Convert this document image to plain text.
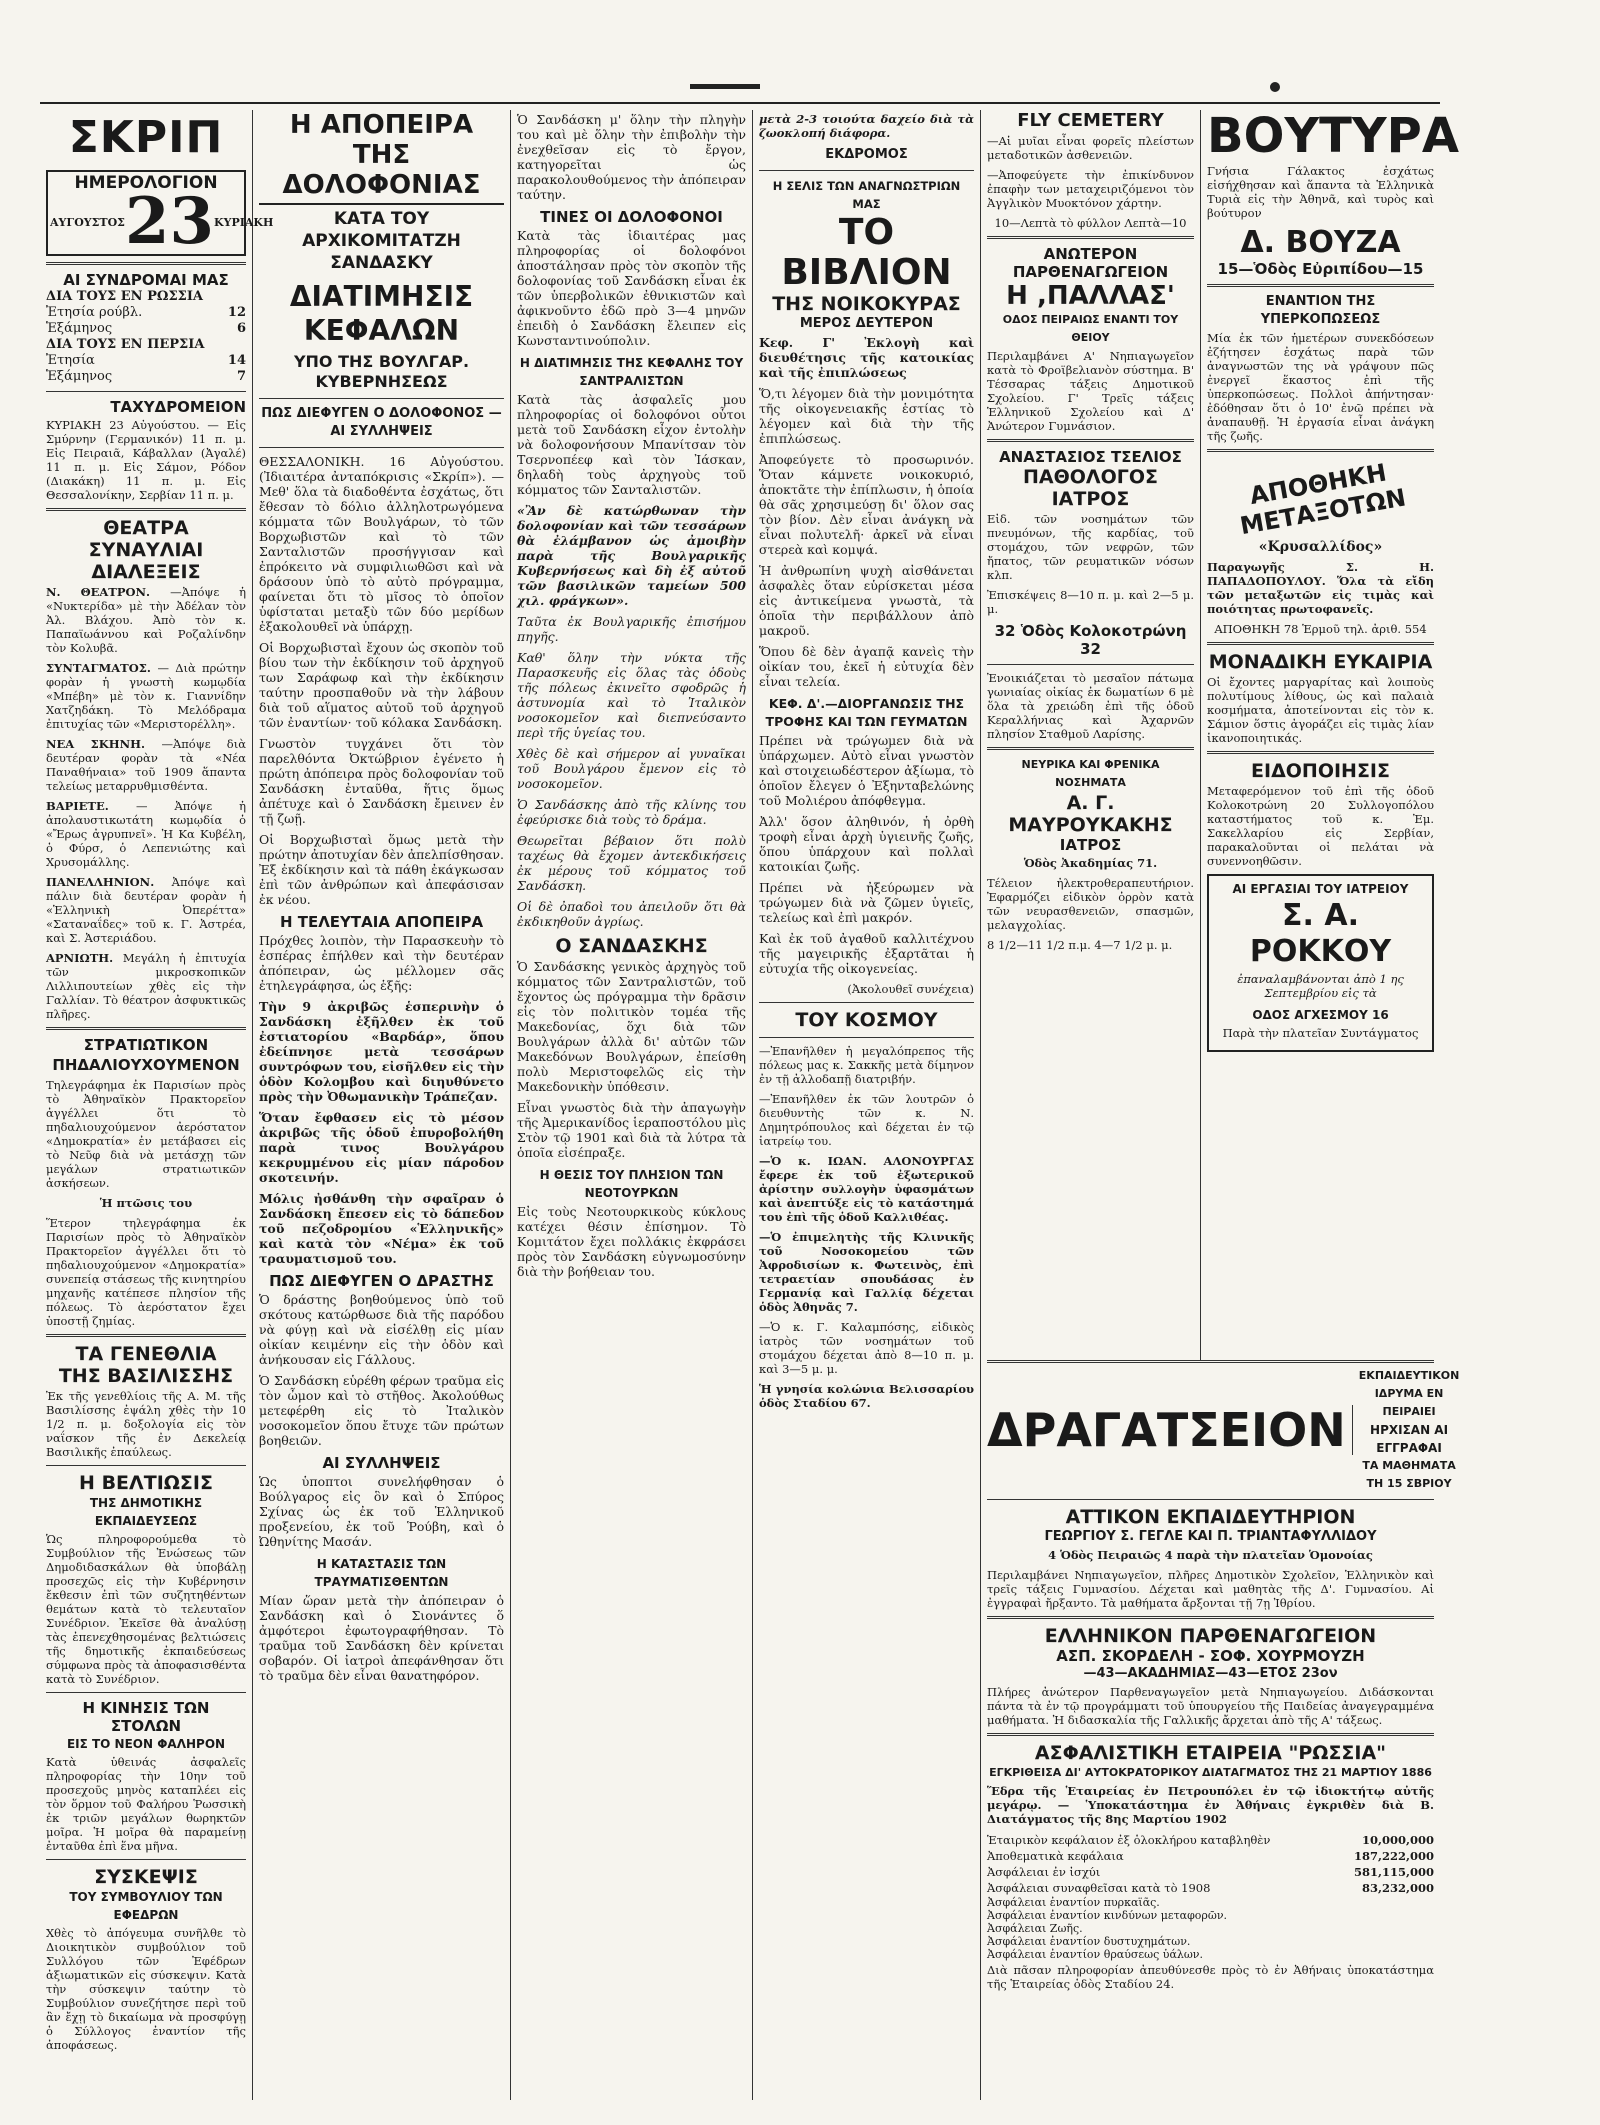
ΣΚΡΙΠ
ΗΜΕΡΟΛΟΓΙΟΝ
ΑΥΓΟΥΣΤΟΣ 23 ΚΥΡΙΑΚΗ
ΑΙ ΣΥΝΔΡΟΜΑΙ ΜΑΣ
ΔΙΑ ΤΟΥΣ ΕΝ ΡΩΣΣΙΑ
Ἐτησία ρούβλ.	12
Ἑξάμηνος	6
ΔΙΑ ΤΟΥΣ ΕΝ ΠΕΡΣΙΑ
Ἐτησία	14
Ἑξάμηνος	7
ΤΑΧΥΔΡΟΜΕΙΟΝ

ΚΥΡΙΑΚΗ 23 Αὐγούστου. — Εἰς Σμύρνην (Γερμανικόν) 11 π. μ. Εἰς Πειραιᾶ, Κάβαλλαν (Ἀγαλέ) 11 π. μ. Εἰς Σάμον, Ρόδον (Διακάκη) 11 π. μ. Εἰς Θεσσαλονίκην, Σερβίαν 11 π. μ.

ΘΕΑΤΡΑ
ΣΥΝΑΥΛΙΑΙ
ΔΙΑΛΕΞΕΙΣ

Ν. ΘΕΑΤΡΟΝ. —Ἀπόψε ἡ «Νυκτερίδα» μὲ τὴν Ἀδέλαν τὸν Ἀλ. Βλάχου. Ἀπὸ τὸν κ. Παπαϊωάννου καὶ Ροζαλίνδην τὸν Κολυβᾶ.

ΣΥΝΤΑΓΜΑΤΟΣ. — Διὰ πρώτην φορὰν ἡ γνωστὴ κωμῳδία «Μπέβη» μὲ τὸν κ. Γιαννίδην Χατζηδάκη. Τὸ Μελόδραμα ἐπιτυχίας τῶν «Μεριστορέλλη».

ΝΕΑ ΣΚΗΝΗ. —Ἀπόψε διὰ δευτέραν φορὰν τὰ «Νέα Παναθήναια» τοῦ 1909 ἅπαντα τελείως μεταρρυθμισθέντα.

ΒΑΡΙΕΤΕ. — Ἀπόψε ἡ ἀπολαυστικωτάτη κωμῳδία ὁ «Ἔρως ἀγρυπνεῖ». Ἡ Κα Κυβέλη, ὁ Φύρσ, ὁ Λεπενιώτης καὶ Χρυσομάλλης.

ΠΑΝΕΛΛΗΝΙΟΝ. Ἀπόψε καὶ πάλιν διὰ δευτέραν φορὰν ἡ «Ἑλληνικὴ Ὀπερέττα» «Σαταναΐδες» τοῦ κ. Γ. Ἀστρέα, καὶ Σ. Ἀστεριάδου.

ΑΡΝΙΩΤΗ. Μεγάλη ἡ ἐπιτυχία τῶν μικροσκοπικῶν Λιλλιπουτείων χθὲς εἰς τὴν Γαλλίαν. Τὸ θέατρον ἀσφυκτικῶς πλῆρες.

ΣΤΡΑΤΙΩΤΙΚΟΝ
ΠΗΔΑΛΙΟΥΧΟΥΜΕΝΟΝ

Τηλεγράφημα ἐκ Παρισίων πρὸς τὸ Ἀθηναϊκὸν Πρακτορεῖον ἀγγέλλει ὅτι τὸ πηδαλιουχούμενον ἀερόστατον «Δημοκρατία» ἐν μετάβασει εἰς τὸ Νεῦφ διὰ νὰ μετάσχῃ τῶν μεγάλων στρατιωτικῶν ἀσκήσεων.

Ἡ πτῶσις του

Ἕτερον τηλεγράφημα ἐκ Παρισίων πρὸς τὸ Ἀθηναϊκὸν Πρακτορεῖον ἀγγέλλει ὅτι τὸ πηδαλιουχούμενον «Δημοκρατία» συνεπείᾳ στάσεως τῆς κινητηρίου μηχανῆς κατέπεσε πλησίον τῆς πόλεως. Τὸ ἀερόστατον ἔχει ὑποστῇ ζημίας.

ΤΑ ΓΕΝΕΘΛΙΑ
ΤΗΣ ΒΑΣΙΛΙΣΣΗΣ

Ἐκ τῆς γενεθλίοις τῆς Α. Μ. τῆς Βασιλίσσης ἐψάλη χθὲς τὴν 10 1/2 π. μ. δοξολογία εἰς τὸν ναΐσκον τῆς ἐν Δεκελείᾳ Βασιλικῆς ἐπαύλεως.

Η ΒΕΛΤΙΩΣΙΣ
ΤΗΣ ΔΗΜΟΤΙΚΗΣ ΕΚΠΑΙΔΕΥΣΕΩΣ

Ὡς πληροφορούμεθα τὸ Συμβούλιον τῆς Ἑνώσεως τῶν Δημοδιδασκάλων θὰ ὑποβάλῃ προσεχῶς εἰς τὴν Κυβέρνησιν ἔκθεσιν ἐπὶ τῶν συζητηθέντων θεμάτων κατὰ τὸ τελευταῖον Συνέδριον. Ἐκεῖσε θὰ ἀναλύσῃ τὰς ἐπενεχθησομένας βελτιώσεις τῆς δημοτικῆς ἐκπαιδεύσεως σύμφωνα πρὸς τὰ ἀποφασισθέντα κατὰ τὸ Συνέδριον.

Η ΚΙΝΗΣΙΣ ΤΩΝ ΣΤΟΛΩΝ
ΕΙΣ ΤΟ ΝΕΟΝ ΦΑΛΗΡΟΝ

Κατὰ ὑθεινάς ἀσφαλεῖς πληροφορίας τὴν 10ην τοῦ προσεχοῦς μηνὸς καταπλέει εἰς τὸν ὅρμον τοῦ Φαλήρου Ῥωσσικὴ ἐκ τριῶν μεγάλων θωρηκτῶν μοῖρα. Ἡ μοῖρα θὰ παραμείνῃ ἐνταῦθα ἐπὶ ἕνα μῆνα.

ΣΥΣΚΕΨΙΣ
ΤΟΥ ΣΥΜΒΟΥΛΙΟΥ ΤΩΝ ΕΦΕΔΡΩΝ

Χθὲς τὸ ἀπόγευμα συνῆλθε τὸ Διοικητικὸν συμβούλιον τοῦ Συλλόγου τῶν Ἐφέδρων ἀξιωματικῶν εἰς σύσκεψιν. Κατὰ τὴν σύσκεψιν ταύτην τὸ Συμβούλιον συνεζήτησε περὶ τοῦ ἂν ἔχῃ τὸ δικαίωμα νὰ προσφύγῃ ὁ Σύλλογος ἐναντίον τῆς ἀποφάσεως.

Η ΑΠΟΠΕΙΡΑ ΤΗΣ ΔΟΛΟΦΟΝΙΑΣ
ΚΑΤΑ ΤΟΥ ΑΡΧΙΚΟΜΙΤΑΤΖΗ ΣΑΝΔΑΣΚΥ
ΔΙΑΤΙΜΗΣΙΣ ΚΕΦΑΛΩΝ
ΥΠΟ ΤΗΣ ΒΟΥΛΓΑΡ. ΚΥΒΕΡΝΗΣΕΩΣ
ΠΩΣ ΔΙΕΦΥΓΕΝ Ο ΔΟΛΟΦΟΝΟΣ — ΑΙ ΣΥΛΛΗΨΕΙΣ

ΘΕΣΣΑΛΟΝΙΚΗ. 16 Αὐγούστου. (Ἰδιαιτέρα ἀνταπόκρισις «Σκρίπ»). — Μεθ' ὅλα τὰ διαδοθέντα ἐσχάτως, ὅτι ἔθεσαν τὸ δόλιο ἀλληλοτρωγόμενα κόμματα τῶν Βουλγάρων, τὸ τῶν Βορχωβιστῶν καὶ τὸ τῶν Σανταλιστῶν προσήγγισαν καὶ ἐπρόκειτο νὰ συμφιλιωθῶσι καὶ νὰ δράσουν ὑπὸ τὸ αὐτὸ πρόγραμμα, φαίνεται ὅτι τὸ μῖσος τὸ ὁποῖον ὑφίσταται μεταξὺ τῶν δύο μερίδων ἐξακολουθεῖ νὰ ὑπάρχῃ.

Οἱ Βορχωβισταὶ ἔχουν ὡς σκοπὸν τοῦ βίου των τὴν ἐκδίκησιν τοῦ ἀρχηγοῦ των Σαράφωφ καὶ τὴν ἐκδίκησιν ταύτην προσπαθοῦν νὰ τὴν λάβουν διὰ τοῦ αἵματος αὐτοῦ τοῦ ἀρχηγοῦ τῶν ἐναντίων· τοῦ κόλακα Σανδάσκη.

Γνωστὸν τυγχάνει ὅτι τὸν παρελθόντα Ὀκτώβριον ἐγένετο ἡ πρώτη ἀπόπειρα πρὸς δολοφονίαν τοῦ Σανδάσκη ἐνταῦθα, ἥτις ὅμως ἀπέτυχε καὶ ὁ Σανδάσκη ἔμεινεν ἐν τῇ ζωῇ.

Οἱ Βορχωβισταὶ ὅμως μετὰ τὴν πρώτην ἀποτυχίαν δὲν ἀπελπίσθησαν. Ἐξ ἐκδίκησιν καὶ τὰ πάθη ἐκάγκωσαν ἐπὶ τῶν ἀνθρώπων καὶ ἀπεφάσισαν ἐκ νέου.

Η ΤΕΛΕΥΤΑΙΑ ΑΠΟΠΕΙΡΑ

Πρόχθες λοιπὸν, τὴν Παρασκευὴν τὸ ἑσπέρας ἐπήλθεν καὶ τὴν δευτέραν ἀπόπειραν, ὡς μέλλομεν σᾶς ἐτηλεγράφησα, ὡς ἑξῆς:

Τὴν 9 ἀκριβῶς ἑσπερινὴν ὁ Σανδάσκη ἐξῆλθεν ἐκ τοῦ ἐστιατορίου «Βαρδάρ», ὅπου ἐδείπνησε μετὰ τεσσάρων συντρόφων του, εἰσῆλθεν εἰς τὴν ὁδὸν Κολομβου καὶ διηυθύνετο πρὸς τὴν Ὀθωμανικὴν Τράπεζαν.

Ὅταν ἔφθασεν εἰς τὸ μέσον ἀκριβῶς τῆς ὁδοῦ ἐπυροβολήθη παρὰ τινος Βουλγάρου κεκρυμμένου εἰς μίαν πάροδον σκοτεινήν.

Μόλις ἠσθάνθη τὴν σφαῖραν ὁ Σανδάσκη ἔπεσεν εἰς τὸ δάπεδον τοῦ πεζοδρομίου «Ἑλληνικῆς» καὶ κατὰ τὸν «Νέμα» ἐκ τοῦ τραυματισμοῦ του.

ΠΩΣ ΔΙΕΦΥΓΕΝ Ο ΔΡΑΣΤΗΣ

Ὁ δράστης βοηθούμενος ὑπὸ τοῦ σκότους κατώρθωσε διὰ τῆς παρόδου νὰ φύγῃ καὶ νὰ εἰσέλθῃ εἰς μίαν οἰκίαν κειμένην εἰς τὴν ὁδὸν καὶ ἀνήκουσαν εἰς Γάλλους.

Ὁ Σανδάσκη εὑρέθη φέρων τραῦμα εἰς τὸν ὦμον καὶ τὸ στῆθος. Ἀκολούθως μετεφέρθη εἰς τὸ Ἰταλικὸν νοσοκομεῖον ὅπου ἔτυχε τῶν πρώτων βοηθειῶν.

ΑΙ ΣΥΛΛΗΨΕΙΣ

Ὡς ὑποπτοι συνελήφθησαν ὁ Βούλγαρος εἰς ὃν καὶ ὁ Σπύρος Σχίνας ὡς ἐκ τοῦ Ἑλληνικοῦ προξενείου, ἐκ τοῦ Ῥούβη, καὶ ὁ Ὠθηνίτης Μασάν.

Η ΚΑΤΑΣΤΑΣΙΣ ΤΩΝ ΤΡΑΥΜΑΤΙΣΘΕΝΤΩΝ

Μίαν ὥραν μετὰ τὴν ἀπόπειραν ὁ Σανδάσκη καὶ ὁ Σιονάντες ὅ ἀμφότεροι ἐφωτογραφήθησαν. Τὸ τραῦμα τοῦ Σανδάσκη δὲν κρίνεται σοβαρόν. Οἱ ἰατροὶ ἀπεφάνθησαν ὅτι τὸ τραῦμα δὲν εἶναι θανατηφόρον.

Ὁ Σανδάσκη μ' ὅλην τὴν πληγὴν του καὶ μὲ ὅλην τὴν ἐπιβολὴν τὴν ἐνεχθεῖσαν εἰς τὸ ἔργον, κατηγορεῖται ὡς παρακολουθούμενος τὴν ἀπόπειραν ταύτην.

ΤΙΝΕΣ ΟΙ ΔΟΛΟΦΟΝΟΙ

Κατὰ τὰς ἰδιαιτέρας μας πληροφορίας οἱ δολοφόνοι ἀποστάλησαν πρὸς τὸν σκοπὸν τῆς δολοφονίας τοῦ Σανδάσκη εἶναι ἐκ τῶν ὑπερβολικῶν ἐθνικιστῶν καὶ ἀφικνοῦντο ἐδῶ πρὸ 3—4 μηνῶν ἐπειδὴ ὁ Σανδάσκη ἔλειπεν εἰς Κωνσταντινούπολιν.

Η ΔΙΑΤΙΜΗΣΙΣ ΤΗΣ ΚΕΦΑΛΗΣ ΤΟΥ ΣΑΝΤΡΑΛΙΣΤΩΝ

Κατὰ τὰς ἀσφαλεῖς μου πληροφορίας οἱ δολοφόνοι οὗτοι μετὰ τοῦ Σανδάσκη εἶχον ἐντολὴν νὰ δολοφονήσουν Μπανίτσαν τὸν Τσερνοπέεφ καὶ τὸν Ἰάσκαν, δηλαδὴ τοὺς ἀρχηγοὺς τοῦ κόμματος τῶν Σανταλιστῶν.

«Ἂν δὲ κατώρθωναν τὴν δολοφονίαν καὶ τῶν τεσσάρων θὰ ἐλάμβανον ὡς ἀμοιβὴν παρὰ τῆς Βουλγαρικῆς Κυβερνήσεως καὶ δὴ ἐξ αὐτοῦ τῶν βασιλικῶν ταμείων 500 χιλ. φράγκων».

Ταῦτα ἐκ Βουλγαρικῆς ἐπισήμου πηγῆς.

Καθ' ὅλην τὴν νύκτα τῆς Παρασκευῆς εἰς ὅλας τὰς ὁδοὺς τῆς πόλεως ἐκινεῖτο σφοδρῶς ἡ ἀστυνομία καὶ τὸ Ἰταλικὸν νοσοκομεῖον καὶ διεπνεύσαντο περὶ τῆς ὑγείας του.

Χθὲς δὲ καὶ σήμερον αἱ γυναῖκαι τοῦ Βουλγάρου ἔμενον εἰς τὸ νοσοκομεῖον.

Ὁ Σανδάσκης ἀπὸ τῆς κλίνης του ἐφεύρισκε διὰ τοὺς τὸ δράμα.

Θεωρεῖται βέβαιον ὅτι πολὺ ταχέως θὰ ἔχομεν ἀντεκδικήσεις ἐκ μέρους τοῦ κόμματος τοῦ Σανδάσκη.

Οἱ δὲ ὀπαδοὶ του ἀπειλοῦν ὅτι θὰ ἐκδικηθοῦν ἀγρίως.

Ο ΣΑΝΔΑΣΚΗΣ

Ὁ Σανδάσκης γενικὸς ἀρχηγὸς τοῦ κόμματος τῶν Σαντραλιστῶν, τοῦ ἔχοντος ὡς πρόγραμμα τὴν δρᾶσιν εἰς τὸν πολιτικὸν τομέα τῆς Μακεδονίας, ὅχι διὰ τῶν Βουλγάρων ἀλλὰ δι' αὐτῶν τῶν Μακεδόνων Βουλγάρων, ἐπείσθη πολὺ Μεριστοφελῶς εἰς τὴν Μακεδονικὴν ὑπόθεσιν.

Εἶναι γνωστὸς διὰ τὴν ἀπαγωγὴν τῆς Ἀμερικανίδος ἱεραποστόλου μὶς Στὸν τῷ 1901 καὶ διὰ τὰ λύτρα τὰ ὁποῖα εἰσέπραξε.

Η ΘΕΣΙΣ ΤΟΥ ΠΛΗΣΙΟΝ ΤΩΝ ΝΕΟΤΟΥΡΚΩΝ

Εἰς τοὺς Νεοτουρκικοὺς κύκλους κατέχει θέσιν ἐπίσημον. Τὸ Κομιτάτον ἔχει πολλάκις ἐκφράσει πρὸς τὸν Σανδάσκη εὐγνωμοσύνην διὰ τὴν βοήθειαν του.

μετὰ 2-3 τοιούτα δαχείο διὰ τὰ ζωοκλοπή διάφορα.

ΕΚΔΡΟΜΟΣ
Η ΣΕΛΙΣ ΤΩΝ ΑΝΑΓΝΩΣΤΡΙΩΝ ΜΑΣ
ΤΟ ΒΙΒΛΙΟΝ
ΤΗΣ ΝΟΙΚΟΚΥΡΑΣ
ΜΕΡΟΣ ΔΕΥΤΕΡΟΝ

Κεφ. Γ' Ἐκλογὴ καὶ διευθέτησις τῆς κατοικίας καὶ τῆς ἐπιπλώσεως

Ὅ,τι λέγομεν διὰ τὴν μονιμότητα τῆς οἰκογενειακῆς ἑστίας τὸ λέγομεν καὶ διὰ τὴν τῆς ἐπιπλώσεως.

Ἀποφεύγετε τὸ προσωρινόν. Ὅταν κάμνετε νοικοκυριό, ἀποκτᾶτε τὴν ἐπίπλωσιν, ἡ ὁποία θὰ σᾶς χρησιμεύσῃ δι' ὅλον σας τὸν βίον. Δὲν εἶναι ἀνάγκη νὰ εἶναι πολυτελῆ· ἀρκεῖ νὰ εἶναι στερεὰ καὶ κομψά.

Ἡ ἀνθρωπίνη ψυχὴ αἰσθάνεται ἀσφαλὲς ὅταν εὑρίσκεται μέσα εἰς ἀντικείμενα γνωστὰ, τὰ ὁποῖα τὴν περιβάλλουν ἀπὸ μακροῦ.

Ὅπου δὲ δὲν ἀγαπᾷ κανεὶς τὴν οἰκίαν του, ἐκεῖ ἡ εὐτυχία δὲν εἶναι τελεία.

ΚΕΦ. Δ'.—ΔΙΟΡΓΑΝΩΣΙΣ ΤΗΣ ΤΡΟΦΗΣ ΚΑΙ ΤΩΝ ΓΕΥΜΑΤΩΝ

Πρέπει νὰ τρώγωμεν διὰ νὰ ὑπάρχωμεν. Αὐτὸ εἶναι γνωστὸν καὶ στοιχειωδέστερον ἀξίωμα, τὸ ὁποῖον ἔλεγεν ὁ Ἐξηνταβελώνης τοῦ Μολιέρου ἀπόφθεγμα.

Ἀλλ' ὅσον ἀληθινόν, ἡ ὀρθὴ τροφὴ εἶναι ἀρχὴ ὑγιεινῆς ζωῆς, ὅπου ὑπάρχουν καὶ πολλαὶ κατοικίαι ζωῆς.

Πρέπει νὰ ἠξεύρωμεν νὰ τρώγωμεν διὰ νὰ ζῶμεν ὑγιεῖς, τελείως καὶ ἐπὶ μακρόν.

Καὶ ἐκ τοῦ ἀγαθοῦ καλλιτέχνου τῆς μαγειρικῆς ἐξαρτᾶται ἡ εὐτυχία τῆς οἰκογενείας.

(Ἀκολουθεῖ συνέχεια)

ΤΟΥ ΚΟΣΜΟΥ

—Ἐπανῆλθεν ἡ μεγαλόπρεπος τῆς πόλεως μας κ. Σακκῆς μετὰ δίμηνον ἐν τῇ ἀλλοδαπῇ διατριβήν.

—Ἐπανῆλθεν ἐκ τῶν λουτρῶν ὁ διευθυντὴς τῶν κ. Ν. Δημητρόπουλος καὶ δέχεται ἐν τῷ ἰατρείῳ του.

—Ὁ κ. ΙΩΑΝ. ΑΛΟΝΟΥΡΓΑΣ ἔφερε ἐκ τοῦ ἐξωτερικοῦ ἀρίστην συλλογὴν ὑφασμάτων καὶ ἀνεπτύξε εἰς τὸ κατάστημά του ἐπὶ τῆς ὁδοῦ Καλλιθέας.

—Ὁ ἐπιμελητὴς τῆς Κλινικῆς τοῦ Νοσοκομείου τῶν Ἀφροδισίων κ. Φωτεινὸς, ἐπὶ τετραετίαν σπουδάσας ἐν Γερμανίᾳ καὶ Γαλλίᾳ δέχεται ὁδὸς Ἀθηνᾶς 7.

—Ὁ κ. Γ. Καλαμπόσης, εἰδικὸς ἰατρὸς τῶν νοσημάτων τοῦ στομάχου δέχεται ἀπὸ 8—10 π. μ. καὶ 3—5 μ. μ.

Ἡ γνησία κολώνια Βελισσαρίου ὁδὸς Σταδίου 67.

FLY CEMETERY

—Αἱ μυῖαι εἶναι φορεῖς πλείστων μεταδοτικῶν ἀσθενειῶν.

—Ἀποφεύγετε τὴν ἐπικίνδυνον ἐπαφὴν των μεταχειριζόμενοι τὸν Ἀγγλικὸν Μυοκτόνον χάρτην.

10—Λεπτὰ τὸ φύλλον Λεπτὰ—10

ΑΝΩΤΕΡΟΝ ΠΑΡΘΕΝΑΓΩΓΕΙΟΝ
Η ,ΠΑΛΛΑΣ'
ΟΔΟΣ ΠΕΙΡΑΙΩΣ ΕΝΑΝΤΙ ΤΟΥ ΘΕΙΟΥ

Περιλαμβάνει Α' Νηπιαγωγεῖον κατὰ τὸ Φροϊβελιανὸν σύστημα. Β' Τέσσαρας τάξεις Δημοτικοῦ Σχολείου. Γ' Τρεῖς τάξεις Ἑλληνικοῦ Σχολείου καὶ Δ' Ἀνώτερον Γυμνάσιον.

ΑΝΑΣΤΑΣΙΟΣ ΤΣΕΛΙΟΣ
ΠΑΘΟΛΟΓΟΣ ΙΑΤΡΟΣ

Εἰδ. τῶν νοσημάτων τῶν πνευμόνων, τῆς καρδίας, τοῦ στομάχου, τῶν νεφρῶν, τῶν ἤπατος, τῶν ρευματικῶν νόσων κλπ.

Ἐπισκέψεις 8—10 π. μ. καὶ 2—5 μ. μ.

32 Ὁδὸς Κολοκοτρώνη 32

Ἐνοικιάζεται τὸ μεσαῖον πάτωμα γωνιαίας οἰκίας ἐκ δωματίων 6 μὲ ὅλα τὰ χρειώδη ἐπὶ τῆς ὁδοῦ Κεραλλήνιας καὶ Ἀχαρνῶν πλησίον Σταθμοῦ Λαρίσης.

ΝΕΥΡΙΚΑ ΚΑΙ ΦΡΕΝΙΚΑ ΝΟΣΗΜΑΤΑ
Α. Γ. ΜΑΥΡΟΥΚΑΚΗΣ
ΙΑΤΡΟΣ

Ὁδὸς Ἀκαδημίας 71.

Τέλειον ἠλεκτροθεραπευτήριον. Ἐφαρμόζει εἰδικὸν ὀρρὸν κατὰ τῶν νευρασθενειῶν, σπασμῶν, μελαγχολίας.

8 1/2—11 1/2 π.μ. 4—7 1/2 μ. μ.

ΔΡΑΓΑΤΣΕΙΟΝ
ΕΚΠΑΙΔΕΥΤΙΚΟΝ ΙΔΡΥΜΑ ΕΝ ΠΕΙΡΑΙΕΙ
ΗΡΧΙΣΑΝ ΑΙ ΕΓΓΡΑΦΑΙ
ΤΑ ΜΑΘΗΜΑΤΑ ΤΗ 15 ΣΒΡΙΟΥ
ΑΤΤΙΚΟΝ ΕΚΠΑΙΔΕΥΤΗΡΙΟΝ
ΓΕΩΡΓΙΟΥ Σ. ΓΕΓΛΕ ΚΑΙ Π. ΤΡΙΑΝΤΑΦΥΛΛΙΔΟΥ

4 Ὁδὸς Πειραιῶς 4 παρὰ τὴν πλατεῖαν Ὁμονοίας

Περιλαμβάνει Νηπιαγωγεῖον, πλῆρες Δημοτικὸν Σχολεῖον, Ἑλληνικὸν καὶ τρεῖς τάξεις Γυμνασίου. Δέχεται καὶ μαθητὰς τῆς Δ'. Γυμνασίου. Αἱ ἐγγραφαὶ ἤρξαντο. Τὰ μαθήματα ἄρξονται τῇ 7ῃ Ἰθρίου.

ΕΛΛΗΝΙΚΟΝ ΠΑΡΘΕΝΑΓΩΓΕΙΟΝ
ΑΣΠ. ΣΚΟΡΔΕΛΗ - ΣΟΦ. ΧΟΥΡΜΟΥΖΗ
—43—ΑΚΑΔΗΜΙΑΣ—43—ΕΤΟΣ 23ον

Πλήρες ἀνώτερον Παρθεναγωγεῖον μετὰ Νηπιαγωγείου. Διδάσκονται πάντα τὰ ἐν τῷ προγράμματι τοῦ ὑπουργείου τῆς Παιδείας ἀναγεγραμμένα μαθήματα. Ἡ διδασκαλία τῆς Γαλλικῆς ἄρχεται ἀπὸ τῆς Α' τάξεως.

ΑΣΦΑΛΙΣΤΙΚΗ ΕΤΑΙΡΕΙΑ "ΡΩΣΣΙΑ"
ΕΓΚΡΙΘΕΙΣΑ ΔΙ' ΑΥΤΟΚΡΑΤΟΡΙΚΟΥ ΔΙΑΤΑΓΜΑΤΟΣ ΤΗΣ 21 ΜΑΡΤΙΟΥ 1886

Ἕδρα τῆς Ἑταιρείας ἐν Πετρουπόλει ἐν τῷ ἰδιοκτήτῳ αὐτῆς μεγάρῳ. — Ὑποκατάστημα ἐν Ἀθήναις ἐγκριθὲν διὰ Β. Διατάγματος τῆς 8ης Μαρτίου 1902

Ἑταιρικὸν κεφάλαιον ἐξ ὁλοκλήρου καταβληθὲν	10,000,000
Ἀποθεματικὰ κεφάλαια	187,222,000
Ἀσφάλειαι ἐν ἰσχύι	581,115,000
Ἀσφάλειαι συναφθεῖσαι κατὰ τὸ 1908	83,232,000
Ἀσφάλειαι ἐναντίον πυρκαϊᾶς.
Ἀσφάλειαι ἐναντίον κινδύνων μεταφορῶν.
Ἀσφάλειαι Ζωῆς.
Ἀσφάλειαι ἐναντίον δυστυχημάτων.
Ἀσφάλειαι ἐναντίον θραύσεως ὑάλων.

Διὰ πᾶσαν πληροφορίαν ἀπευθύνεσθε πρὸς τὸ ἐν Ἀθήναις ὑποκατάστημα τῆς Ἑταιρείας ὁδὸς Σταδίου 24.

ΒΟΥΤΥΡΑ

Γνήσια Γάλακτος ἐσχάτως εἰσήχθησαν καὶ ἅπαντα τὰ Ἑλληνικὰ Τυριὰ εἰς τὴν Ἀθηνᾶ, καὶ τυρὸς καὶ βούτυρον

Δ. ΒΟΥΖΑ
15—Ὁδὸς Εὐριπίδου—15
ΕΝΑΝΤΙΟΝ ΤΗΣ ΥΠΕΡΚΟΠΩΣΕΩΣ

Μία ἐκ τῶν ἡμετέρων συνεκδόσεων ἐζήτησεν ἐσχάτως παρὰ τῶν ἀναγνωστῶν της νὰ γράψουν πῶς ἐνεργεῖ ἕκαστος ἐπὶ τῆς ὑπερκοπώσεως. Πολλοὶ ἀπήντησαν· ἐδόθησαν ὅτι ὁ 10' ἐνῶ πρέπει νὰ ἀναπαυθῇ. Ἡ ἐργασία εἶναι ἀνάγκη τῆς ζωῆς.

ΑΠΟΘΗΚΗ ΜΕΤΑΞΟΤΩΝ

«Κρυσαλλίδος»

Παραγωγῆς Σ. Η. ΠΑΠΑΔΟΠΟΥΛΟΥ. Ὅλα τὰ εἴδη τῶν μεταξωτῶν εἰς τιμὰς καὶ ποιότητας πρωτοφανεῖς.

ΑΠΟΘΗΚΗ 78 Ἑρμοῦ τηλ. ἀριθ. 554

ΜΟΝΑΔΙΚΗ ΕΥΚΑΙΡΙΑ

Οἱ ἔχοντες μαργαρίτας καὶ λοιποὺς πολυτίμους λίθους, ὡς καὶ παλαιὰ κοσμήματα, ἀποτείνονται εἰς τὸν κ. Σάμιον ὅστις ἀγοράζει εἰς τιμὰς λίαν ἱκανοποιητικάς.

ΕΙΔΟΠΟΙΗΣΙΣ

Μεταφερόμενον τοῦ ἐπὶ τῆς ὁδοῦ Κολοκοτρώνη 20 Συλλογοπόλου καταστήματος τοῦ κ. Ἐμ. Σακελλαρίου εἰς Σερβίαν, παρακαλοῦνται οἱ πελάται νὰ συνεννοηθῶσιν.

ΑΙ ΕΡΓΑΣΙΑΙ ΤΟΥ ΙΑΤΡΕΙΟΥ
Σ. Α. ΡΟΚΚΟΥ

ἐπαναλαμβάνονται ἀπὸ 1 ης Σεπτεμβρίου εἰς τὰ

ΟΔΟΣ ΑΓΧΕΣΜΟΥ 16

Παρὰ τὴν πλατεῖαν Συντάγματος
